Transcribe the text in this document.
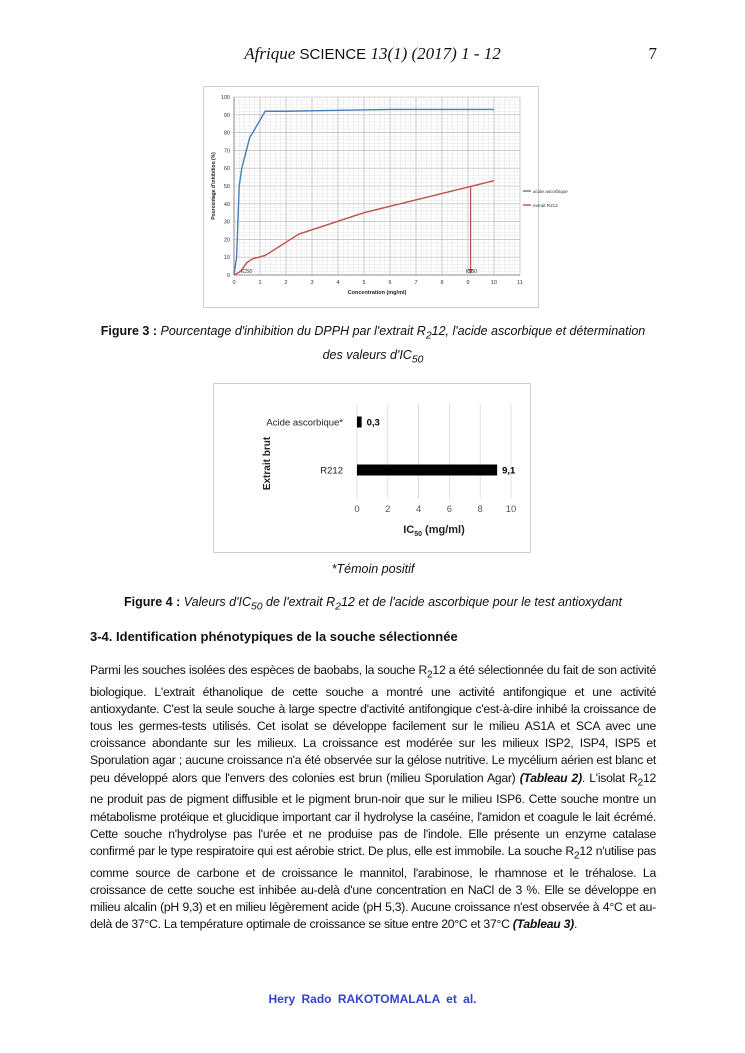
Afrique SCIENCE 13(1) (2017) 1 - 12	7
0	1	2	3	4	5	6	7	8	9	10	11
0
10
20
30
40
50
60
70
80
90
100
acide ascorbique
extrait R212
IC50	IC50
Concentration (mg/ml)
Pourcentage d'inhibition (%)
Figure 3 : Pourcentage d'inhibition du DPPH par l'extrait $R_212$, l'acide ascorbique et détermination des valeurs $d'IC_{50}$
0	2	4	6	8 10
Acide ascorbique* 0,3
R212	9,1
$IC_{50}$ (mg/ml)
Extrait brut
*Témoin positif
Figure 4 : Valeurs $d'IC_{50}$ de l'extrait $R_212$ et de l'acide ascorbique pour le test antioxydant
3-4. Identification phénotypiques de la souche sélectionnée
Parmi les souches isolées des espèces de baobabs, la souche $R_212$ a été sélectionnée du fait de son activité biologique. L'extrait éthanolique de cette souche a montré une activité antifongique et une activité antioxydante. C'est la seule souche à large spectre d'activité antifongique c'est-à-dire inhibé la croissance de tous les germes-tests utilisés. Cet isolat se développe facilement sur le milieu AS1A et SCA avec une croissance abondante sur les milieux. La croissance est modérée sur les milieux ISP2, ISP4, ISP5 et Sporulation agar ; aucune croissance n'a été observée sur la gélose nutritive. Le mycélium aérien est blanc et peu développé alors que l'envers des colonies est brun (milieu Sporulation Agar) (Tableau 2). L'isolat $R_212$ ne produit pas de pigment diffusible et le pigment brun-noir que sur le milieu ISP6. Cette souche montre un métabolisme protéique et glucidique important car il hydrolyse la caséine, l'amidon et coagule le lait écrémé. Cette souche n'hydrolyse pas l'urée et ne produise pas de l'indole. Elle présente un enzyme catalase confirmé par le type respiratoire qui est aérobie strict. De plus, elle est immobile. La souche $R_212$ n'utilise pas comme source de carbone et de croissance le mannitol, l'arabinose, le rhamnose et le tréhalose. La croissance de cette souche est inhibée au-delà d'une concentration en NaCl de 3 %. Elle se développe en milieu alcalin (pH 9,3) et en milieu légèrement acide (pH 5,3). Aucune croissance n'est observée à 4°C et au-delà de 37°C. La température optimale de croissance se situe entre 20°C et 37°C (Tableau 3).
Hery Rado RAKOTOMALALA et al.
